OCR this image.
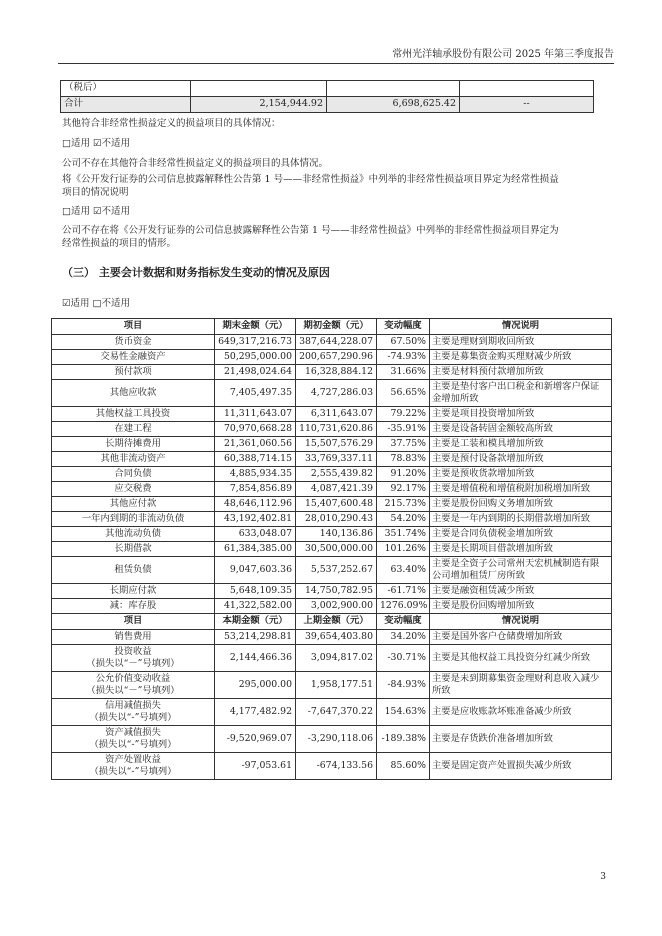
常州光洋轴承股份有限公司 2025 年第三季度报告
（税后）			
合计	2,154,944.92	6,698,625.42	--
其他符合非经常性损益定义的损益项目的具体情况：
□适用 ☑不适用
公司不存在其他符合非经常性损益定义的损益项目的具体情况。
将《公开发行证券的公司信息披露解释性公告第 1 号——非经常性损益》中列举的非经常性损益项目界定为经常性损益
项目的情况说明
□适用 ☑不适用
公司不存在将《公开发行证券的公司信息披露解释性公告第 1 号——非经常性损益》中列举的非经常性损益项目界定为
经常性损益的项目的情形。
（三） 主要会计数据和财务指标发生变动的情况及原因
☑适用 □不适用
项目	期末金额（元）	期初金额（元）	变动幅度	情况说明
货币资金	649,317,216.73	387,644,228.07	67.50%	主要是理财到期收回所致
交易性金融资产	50,295,000.00	200,657,290.96	-74.93%	主要是募集资金购买理财减少所致
预付款项	21,498,024.64	16,328,884.12	31.66%	主要是材料预付款增加所致
其他应收款	7,405,497.35	4,727,286.03	56.65%	主要是垫付客户出口税金和新增客户保证金增加所致
其他权益工具投资	11,311,643.07	6,311,643.07	79.22%	主要是项目投资增加所致
在建工程	70,970,668.28	110,731,620.86	-35.91%	主要是设备转固金额较高所致
长期待摊费用	21,361,060.56	15,507,576.29	37.75%	主要是工装和模具增加所致
其他非流动资产	60,388,714.15	33,769,337.11	78.83%	主要是预付设备款增加所致
合同负债	4,885,934.35	2,555,439.82	91.20%	主要是预收货款增加所致
应交税费	7,854,856.89	4,087,421.39	92.17%	主要是增值税和增值税附加税增加所致
其他应付款	48,646,112.96	15,407,600.48	215.73%	主要是股份回购义务增加所致
一年内到期的非流动负债	43,192,402.81	28,010,290.43	54.20%	主要是一年内到期的长期借款增加所致
其他流动负债	633,048.07	140,136.86	351.74%	主要是合同负债税金增加所致
长期借款	61,384,385.00	30,500,000.00	101.26%	主要是长期项目借款增加所致
租赁负债	9,047,603.36	5,537,252.67	63.40%	主要是全资子公司常州天宏机械制造有限公司增加租赁厂房所致
长期应付款	5,648,109.35	14,750,782.95	-61.71%	主要是融资租赁减少所致
减：库存股	41,322,582.00	3,002,900.00	1276.09%	主要是股份回购增加所致
项目	本期金额（元）	上期金额（元）	变动幅度	情况说明
销售费用	53,214,298.81	39,654,403.80	34.20%	主要是国外客户仓储费增加所致
投资收益
（损失以“－”号填列）	2,144,466.36	3,094,817.02	-30.71%	主要是其他权益工具投资分红减少所致
公允价值变动收益
（损失以“－”号填列）	295,000.00	1,958,177.51	-84.93%	主要是未到期募集资金理财利息收入减少所致
信用减值损失
（损失以“-”号填列）	4,177,482.92	-7,647,370.22	154.63%	主要是应收账款坏账准备减少所致
资产减值损失
（损失以“-”号填列）	-9,520,969.07	-3,290,118.06	-189.38%	主要是存货跌价准备增加所致
资产处置收益
（损失以“-”号填列）	-97,053.61	-674,133.56	85.60%	主要是固定资产处置损失减少所致
3
